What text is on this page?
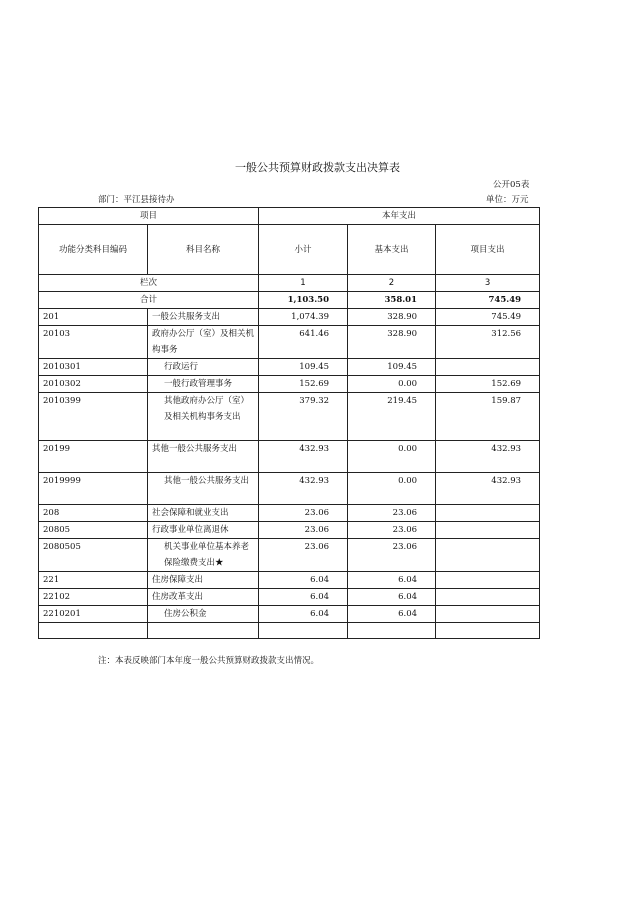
一般公共预算财政拨款支出决算表
公开05表
部门：平江县接待办	单位：万元
项目		本年支出		
功能分类科目编码	科目名称	小计	基本支出	项目支出
栏次		1	2	3
合计		1,103.50	358.01	745.49
201	一般公共服务支出	1,074.39	328.90	745.49
20103	政府办公厅（室）及相关机构事务	641.46	328.90	312.56
2010301	行政运行	109.45	109.45	
2010302	一般行政管理事务	152.69	0.00	152.69
2010399	其他政府办公厅（室）及相关机构事务支出	379.32	219.45	159.87
20199	其他一般公共服务支出	432.93	0.00	432.93
2019999	其他一般公共服务支出	432.93	0.00	432.93
208	社会保障和就业支出	23.06	23.06	
20805	行政事业单位离退休	23.06	23.06	
2080505	机关事业单位基本养老保险缴费支出★	23.06	23.06	
221	住房保障支出	6.04	6.04	
22102	住房改革支出	6.04	6.04	
2210201	住房公积金	6.04	6.04	

注：本表反映部门本年度一般公共预算财政拨款支出情况。
